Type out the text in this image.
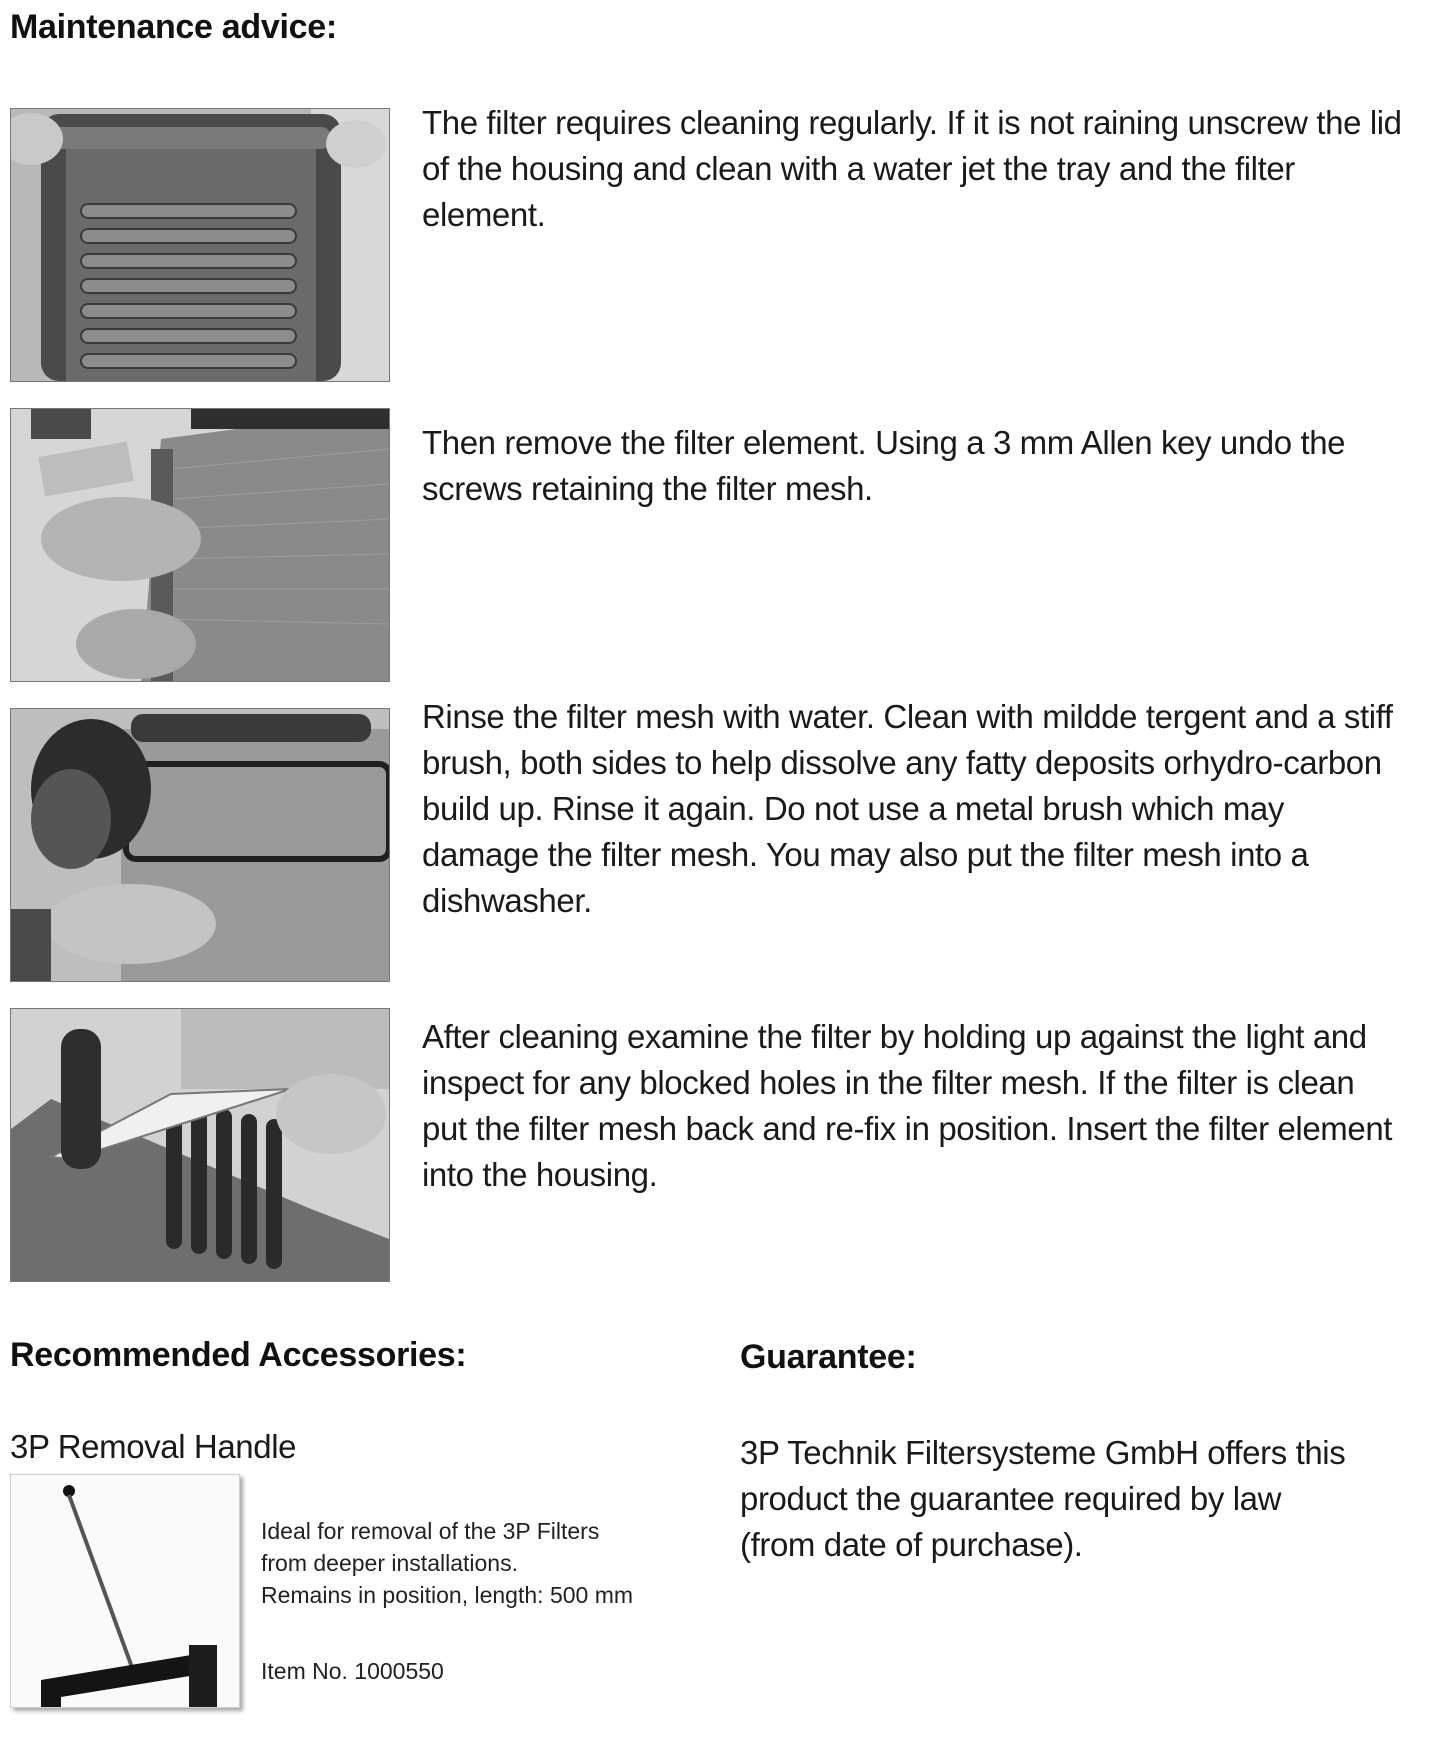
Maintenance advice:
The filter requires cleaning regularly. If it is not raining unscrew the lid of the housing and clean with a water jet the tray and the filter element.
Then remove the filter element. Using a 3 mm Allen key undo the screws retaining the filter mesh.
Rinse the filter mesh with water. Clean with mildde tergent and a stiff brush, both sides to help dissolve any fatty deposits orhydro-carbon build up. Rinse it again. Do not use a metal brush which may damage the filter mesh. You may also put the filter mesh into a dishwasher.
After cleaning examine the filter by holding up against the light and inspect for any blocked holes in the filter mesh. If the filter is clean put the filter mesh back and re-fix in position. Insert the filter element into the housing.
Recommended Accessories:
3P Removal Handle
Ideal for removal of the 3P Filters
from deeper installations.
Remains in position, length: 500 mm
Item No. 1000550
Guarantee:
3P Technik Filtersysteme GmbH offers this
product the guarantee required by law
(from date of purchase).
